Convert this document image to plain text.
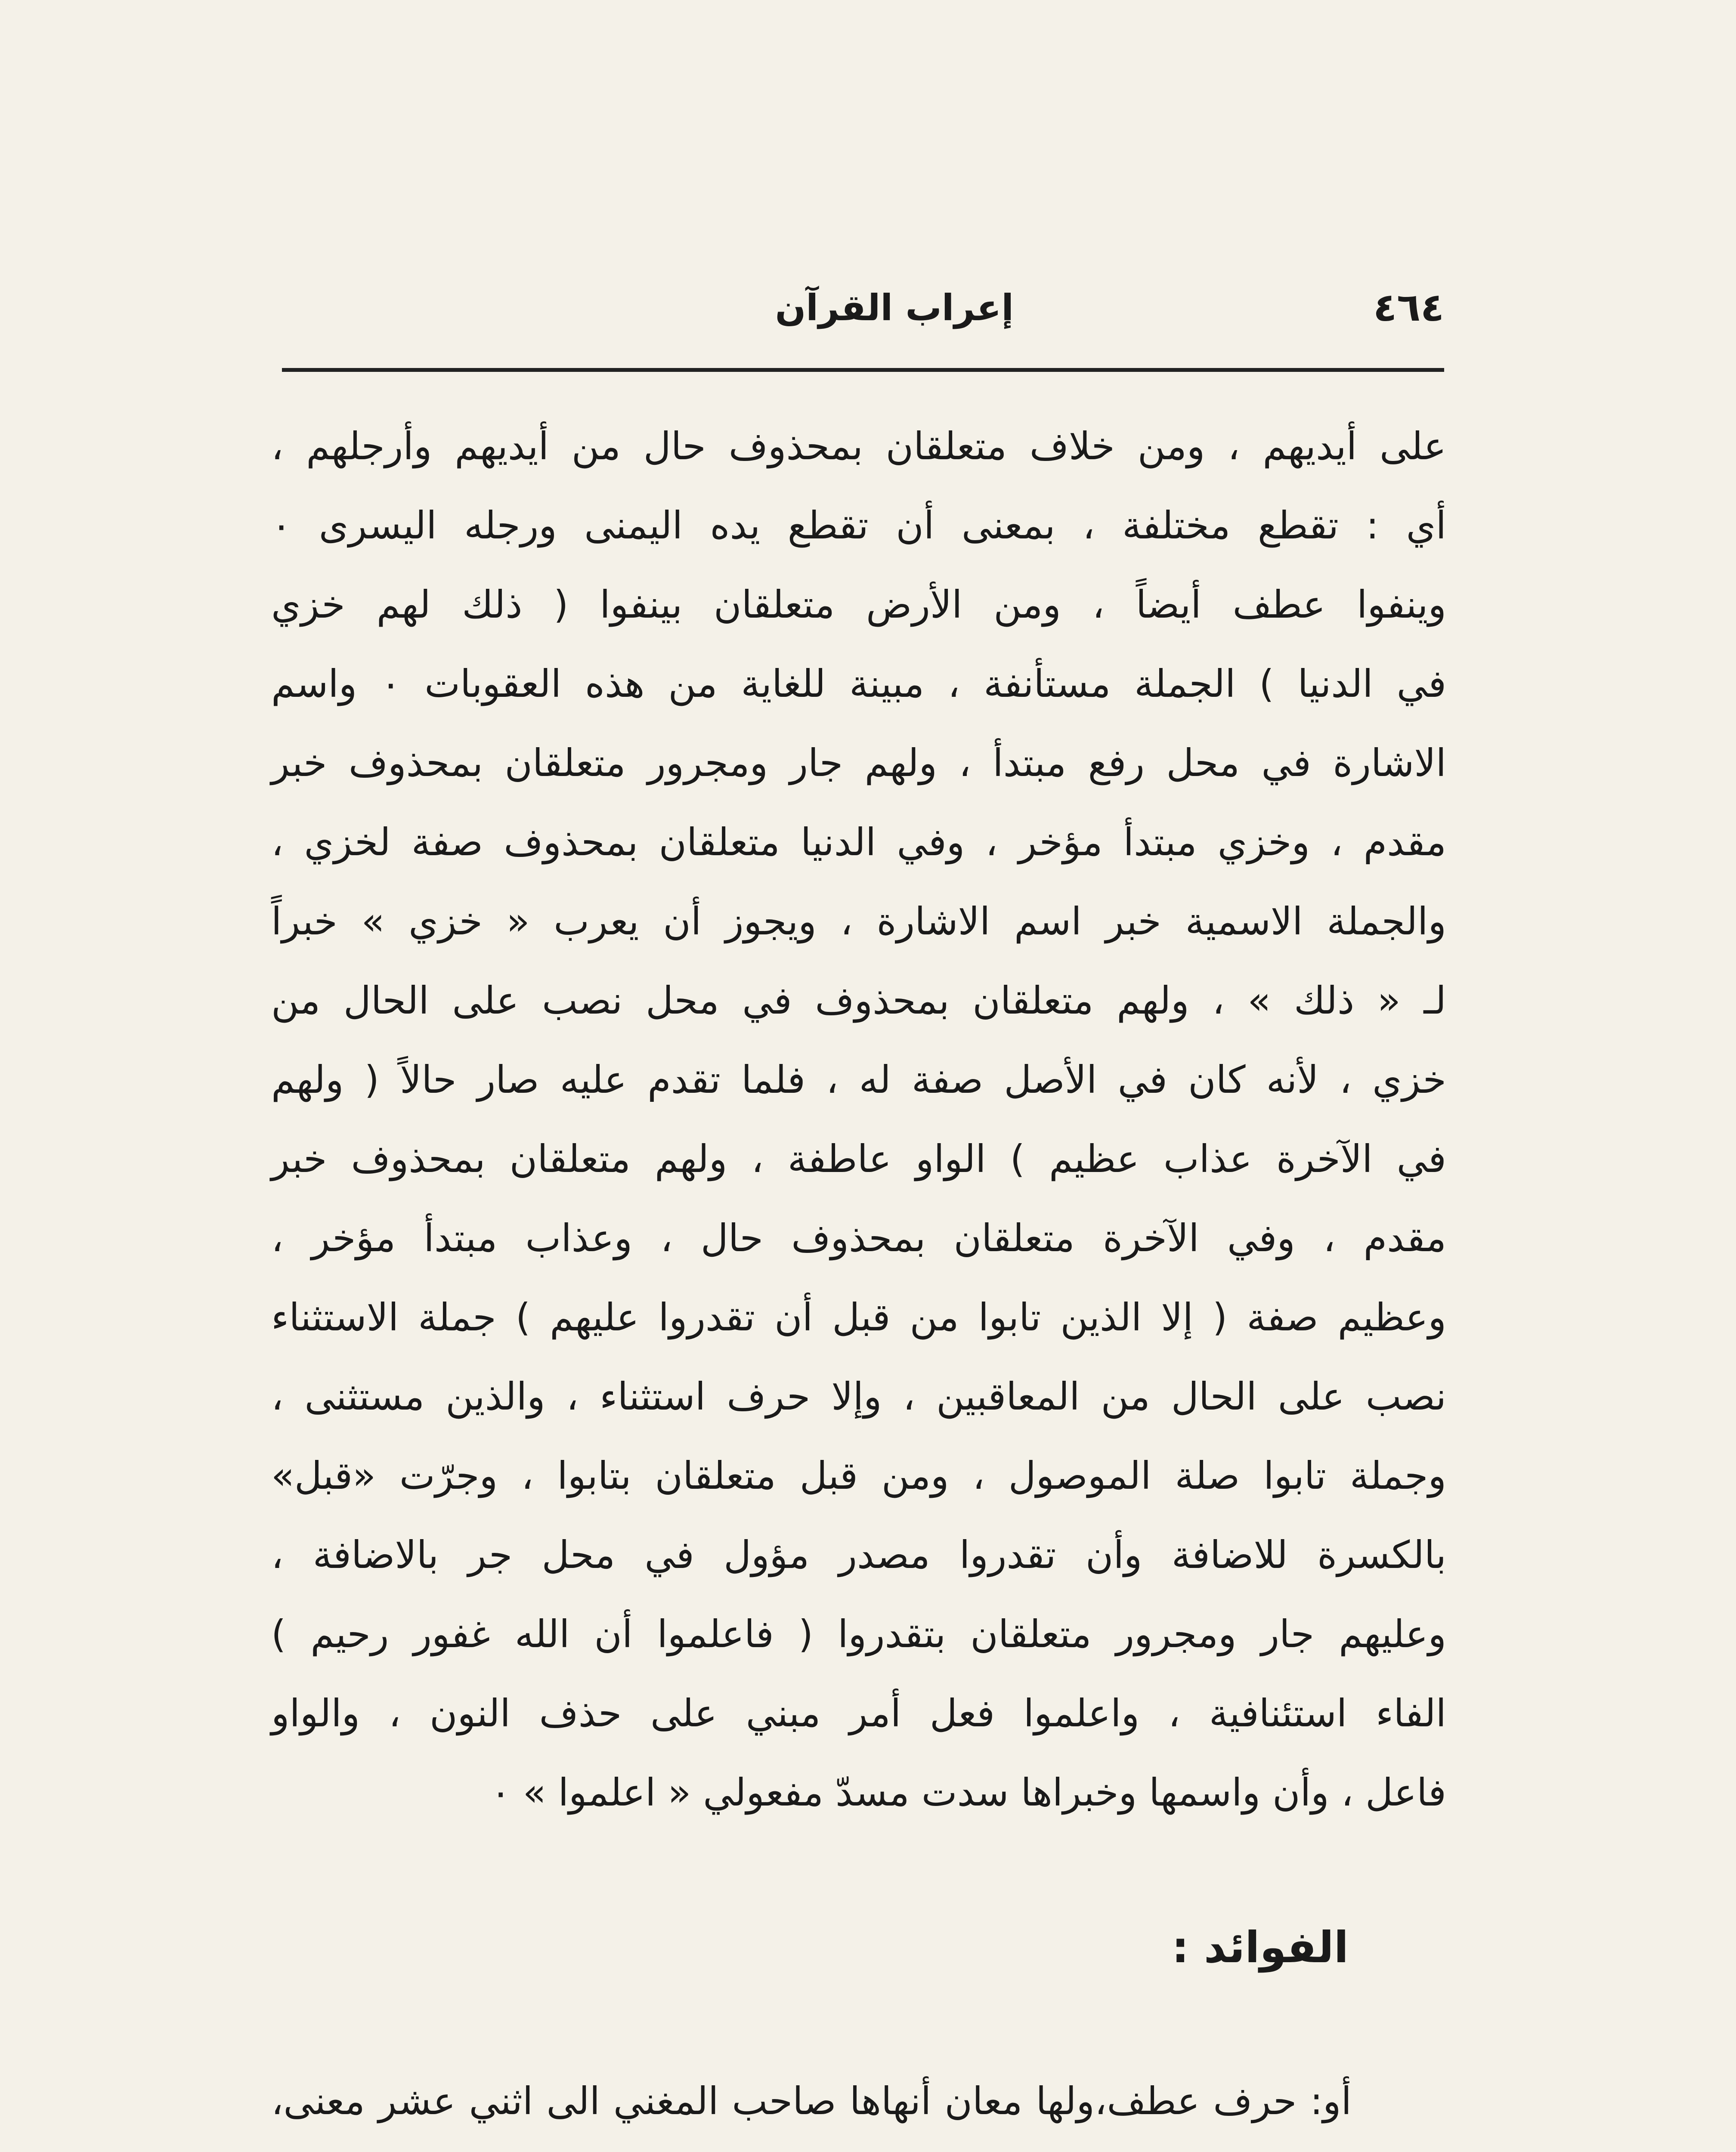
٤٦٤
إعراب القرآن
على أيديهم ، ومن خلاف متعلقان بمحذوف حال من أيديهم وأرجلهم ،
أي : تقطع مختلفة ، بمعنى أن تقطع يده اليمنى ورجله اليسرى ٠
وينفوا عطف أيضاً ، ومن الأرض متعلقان بينفوا ( ذلك لهم خزي
في الدنيا ) الجملة مستأنفة ، مبينة للغاية من هذه العقوبات ٠ واسم
الاشارة في محل رفع مبتدأ ، ولهم جار ومجرور متعلقان بمحذوف خبر
مقدم ، وخزي مبتدأ مؤخر ، وفي الدنيا متعلقان بمحذوف صفة لخزي ،
والجملة الاسمية خبر اسم الاشارة ، ويجوز أن يعرب « خزي » خبراً
لـ « ذلك » ، ولهم متعلقان بمحذوف في محل نصب على الحال من
خزي ، لأنه كان في الأصل صفة له ، فلما تقدم عليه صار حالاً ( ولهم
في الآخرة عذاب عظيم ) الواو عاطفة ، ولهم متعلقان بمحذوف خبر
مقدم ، وفي الآخرة متعلقان بمحذوف حال ، وعذاب مبتدأ مؤخر ،
وعظيم صفة ( إلا الذين تابوا من قبل أن تقدروا عليهم ) جملة الاستثناء
نصب على الحال من المعاقبين ، وإلا حرف استثناء ، والذين مستثنى ،
وجملة تابوا صلة الموصول ، ومن قبل متعلقان بتابوا ، وجرّت «قبل»
بالكسرة للاضافة وأن تقدروا مصدر مؤول في محل جر بالاضافة ،
وعليهم جار ومجرور متعلقان بتقدروا ( فاعلموا أن الله غفور رحيم )
الفاء استئنافية ، واعلموا فعل أمر مبني على حذف النون ، والواو
فاعل ، وأن واسمها وخبراها سدت مسدّ مفعولي « اعلموا » ٠
الفوائد :
أو: حرف عطف،ولها معان أنهاها صاحب المغني الى اثني عشر معنى،
